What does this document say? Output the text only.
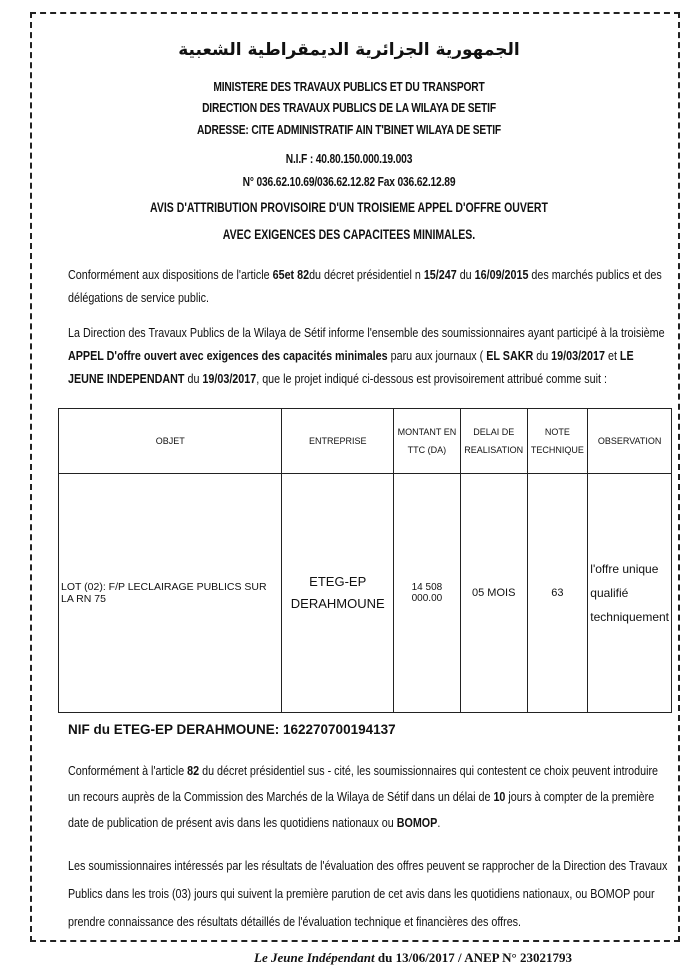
الجمهورية الجزائرية الديمقراطية الشعبية
MINISTERE DES TRAVAUX PUBLICS ET DU TRANSPORT
DIRECTION DES TRAVAUX PUBLICS DE LA WILAYA DE SETIF
ADRESSE: CITE ADMINISTRATIF AIN T'BINET WILAYA DE SETIF
N.I.F : 40.80.150.000.19.003
N° 036.62.10.69/036.62.12.82 Fax 036.62.12.89
AVIS D'ATTRIBUTION PROVISOIRE D'UN TROISIEME APPEL D'OFFRE OUVERT
AVEC EXIGENCES DES CAPACITEES MINIMALES.
Conformément aux dispositions de l'article 65et 82du décret présidentiel n 15/247 du 16/09/2015 des marchés publics et des délégations de service public.
La Direction des Travaux Publics de la Wilaya de Sétif informe l'ensemble des soumissionnaires ayant participé à la troisième APPEL D'offre ouvert avec exigences des capacités minimales paru aux journaux ( EL SAKR du 19/03/2017 et LE JEUNE INDEPENDANT du 19/03/2017, que le projet indiqué ci-dessous est provisoirement attribué comme suit :
OBJET	ENTREPRISE	MONTANT EN TTC (DA)	DELAI DE REALISATION	NOTE TECHNIQUE	OBSERVATION
LOT (02): F/P LECLAIRAGE PUBLICS SUR LA RN 75	ETEG-EP DERAHMOUNE	14 508 000.00	05 MOIS	63	l'offre unique qualifié techniquement
NIF du ETEG-EP DERAHMOUNE: 162270700194137
Conformément à l'article 82 du décret présidentiel sus - cité, les soumissionnaires qui contestent ce choix peuvent introduire un recours auprès de la Commission des Marchés de la Wilaya de Sétif dans un délai de 10 jours à compter de la première date de publication de présent avis dans les quotidiens nationaux ou BOMOP.
Les soumissionnaires intéressés par les résultats de l'évaluation des offres peuvent se rapprocher de la Direction des Travaux Publics dans les trois (03) jours qui suivent la première parution de cet avis dans les quotidiens nationaux, ou BOMOP pour prendre connaissance des résultats détaillés de l'évaluation technique et financières des offres.
Le Jeune Indépendant du 13/06/2017 / ANEP N° 23021793
